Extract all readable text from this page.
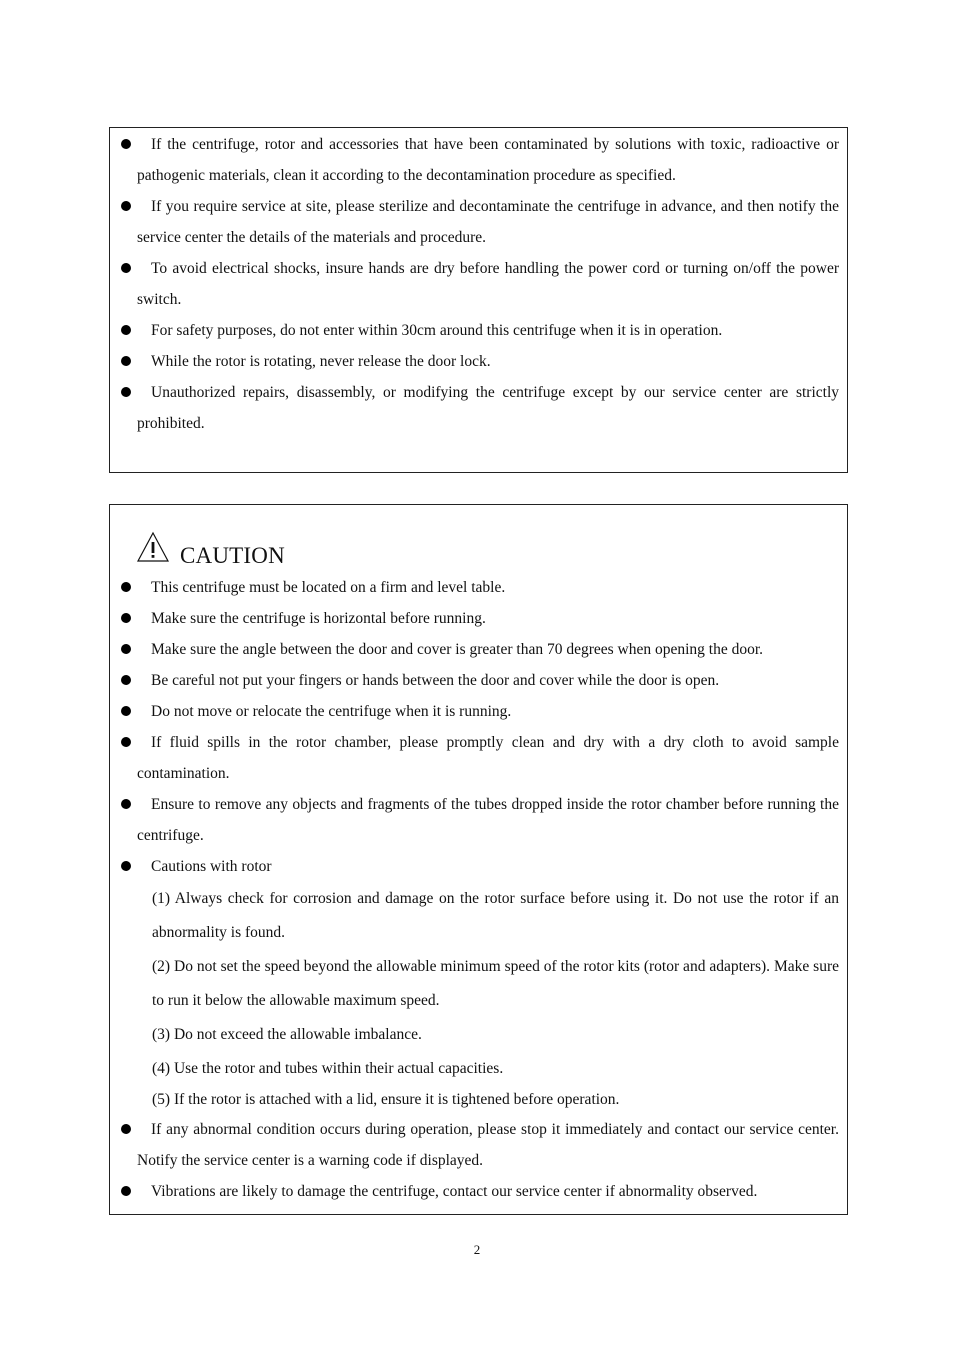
If the centrifuge, rotor and accessories that have been contaminated by solutions with toxic, radioactive or pathogenic materials, clean it according to the decontamination procedure as specified.
If you require service at site, please sterilize and decontaminate the centrifuge in advance, and then notify the service center the details of the materials and procedure.
To avoid electrical shocks, insure hands are dry before handling the power cord or turning on/off the power switch.
For safety purposes, do not enter within 30cm around this centrifuge when it is in operation.
While the rotor is rotating, never release the door lock.
Unauthorized repairs, disassembly, or modifying the centrifuge except by our service center are strictly prohibited.
CAUTION
This centrifuge must be located on a firm and level table.
Make sure the centrifuge is horizontal before running.
Make sure the angle between the door and cover is greater than 70 degrees when opening the door.
Be careful not put your fingers or hands between the door and cover while the door is open.
Do not move or relocate the centrifuge when it is running.
If fluid spills in the rotor chamber, please promptly clean and dry with a dry cloth to avoid sample contamination.
Ensure to remove any objects and fragments of the tubes dropped inside the rotor chamber before running the centrifuge.
Cautions with rotor
(1) Always check for corrosion and damage on the rotor surface before using it. Do not use the rotor if an abnormality is found.
(2) Do not set the speed beyond the allowable minimum speed of the rotor kits (rotor and adapters). Make sure to run it below the allowable maximum speed.
(3) Do not exceed the allowable imbalance.
(4) Use the rotor and tubes within their actual capacities.
(5) If the rotor is attached with a lid, ensure it is tightened before operation.
If any abnormal condition occurs during operation, please stop it immediately and contact our service center. Notify the service center is a warning code if displayed.
Vibrations are likely to damage the centrifuge, contact our service center if abnormality observed.
2
